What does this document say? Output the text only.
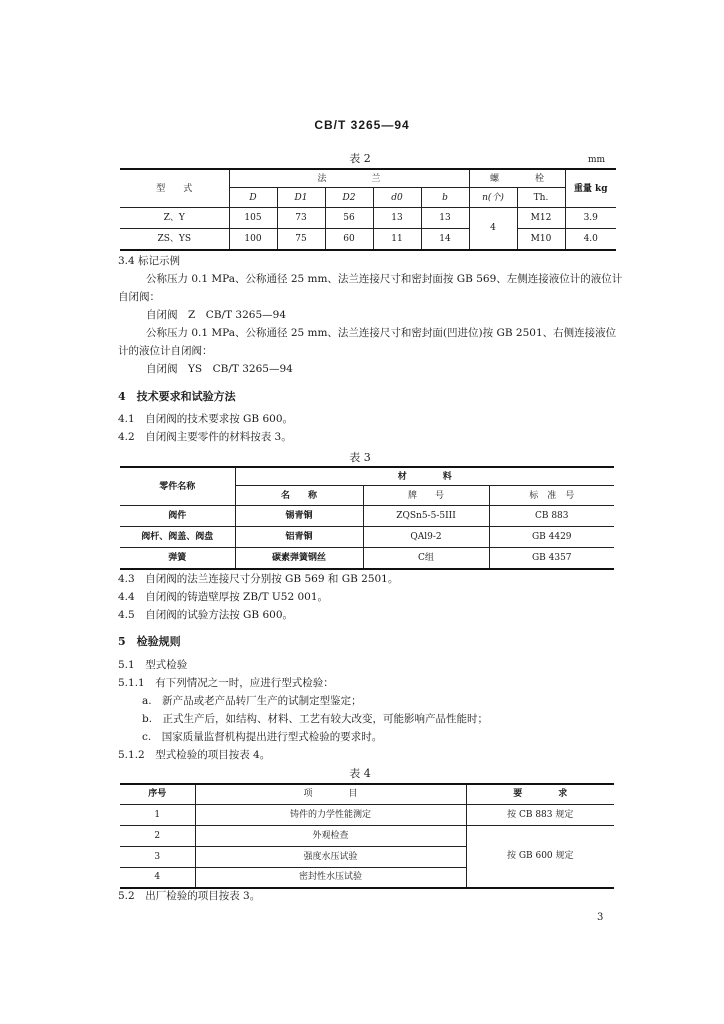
CB/T 3265—94
表 2	mm
型　　式	法　　　　　兰					螺　　　　栓		重量 kg
	D	D1	D2	d0	b	n(个)	Th.	
Z、Y	105	73	56	13	13	4	M12	3.9
ZS、YS	100	75	60	11	14		M10	4.0
3.4 标记示例
公称压力 0.1 MPa、公称通径 25 mm、法兰连接尺寸和密封面按 GB 569、左侧连接液位计的液位计
自闭阀：
自闭阀　Z　CB/T 3265—94
公称压力 0.1 MPa、公称通径 25 mm、法兰连接尺寸和密封面(凹进位)按 GB 2501、右侧连接液位
计的液位计自闭阀：
自闭阀　YS　CB/T 3265—94
4　技术要求和试验方法
4.1　自闭阀的技术要求按 GB 600。
4.2　自闭阀主要零件的材料按表 3。
表 3
零件名称	材　　　　料		
	名　　称	牌　　号	标　准　号
阀件	锡青铜	ZQSn5-5-5III	CB 883
阀杆、阀盖、阀盘	铝青铜	QAl9-2	GB 4429
弹簧	碳素弹簧钢丝	C组	GB 4357
4.3　自闭阀的法兰连接尺寸分别按 GB 569 和 GB 2501。
4.4　自闭阀的铸造壁厚按 ZB/T U52 001。
4.5　自闭阀的试验方法按 GB 600。
5　检验规则
5.1　型式检验
5.1.1　有下列情况之一时，应进行型式检验：
a.　新产品或老产品转厂生产的试制定型鉴定；
b.　正式生产后，如结构、材料、工艺有较大改变，可能影响产品性能时；
c.　国家质量监督机构提出进行型式检验的要求时。
5.1.2　型式检验的项目按表 4。
表 4
序号	项　　　　目	要　　　　求
1	铸件的力学性能测定	按 CB 883 规定
2	外观检查	按 GB 600 规定
3	强度水压试验	
4	密封性水压试验	
5.2　出厂检验的项目按表 3。
3
